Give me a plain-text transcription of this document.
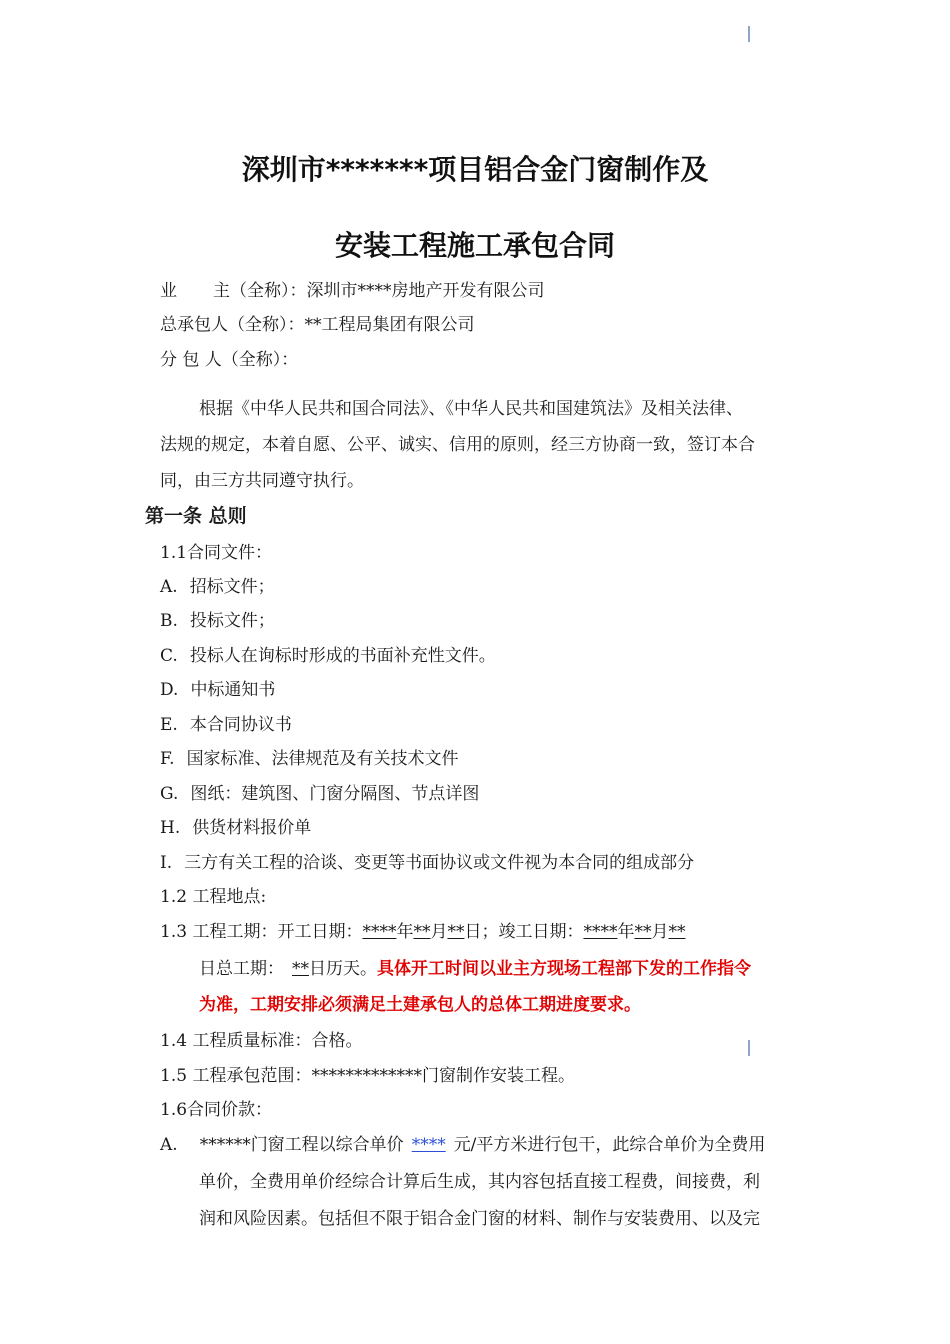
深圳市*******项目铝合金门窗制作及
安装工程施工承包合同
业 主（全称）：深圳市****房地产开发有限公司
总承包人（全称）：**工程局集团有限公司
分 包 人（全称）：
根据《中华人民共和国合同法》、《中华人民共和国建筑法》及相关法律、
法规的规定，本着自愿、公平、诚实、信用的原则，经三方协商一致，签订本合
同，由三方共同遵守执行。
第一条 总则
1.1合同文件：
A. 招标文件；
B. 投标文件；
C. 投标人在询标时形成的书面补充性文件。
D. 中标通知书
E. 本合同协议书
F. 国家标准、法律规范及有关技术文件
G. 图纸：建筑图、门窗分隔图、节点详图
H. 供货材料报价单
I. 三方有关工程的洽谈、变更等书面协议或文件视为本合同的组成部分
1.2 工程地点:
1.3 工程工期：开工日期：****年**月**日；竣工日期：****年**月**
日总工期： **日历天。具体开工时间以业主方现场工程部下发的工作指令
为准，工期安排必须满足土建承包人的总体工期进度要求。
1.4 工程质量标准：合格。
1.5 工程承包范围：*************门窗制作安装工程。
1.6合同价款：
A. ******门窗工程以综合单价 **** 元/平方米进行包干，此综合单价为全费用
单价，全费用单价经综合计算后生成，其内容包括直接工程费，间接费，利
润和风险因素。包括但不限于铝合金门窗的材料、制作与安装费用、以及完
